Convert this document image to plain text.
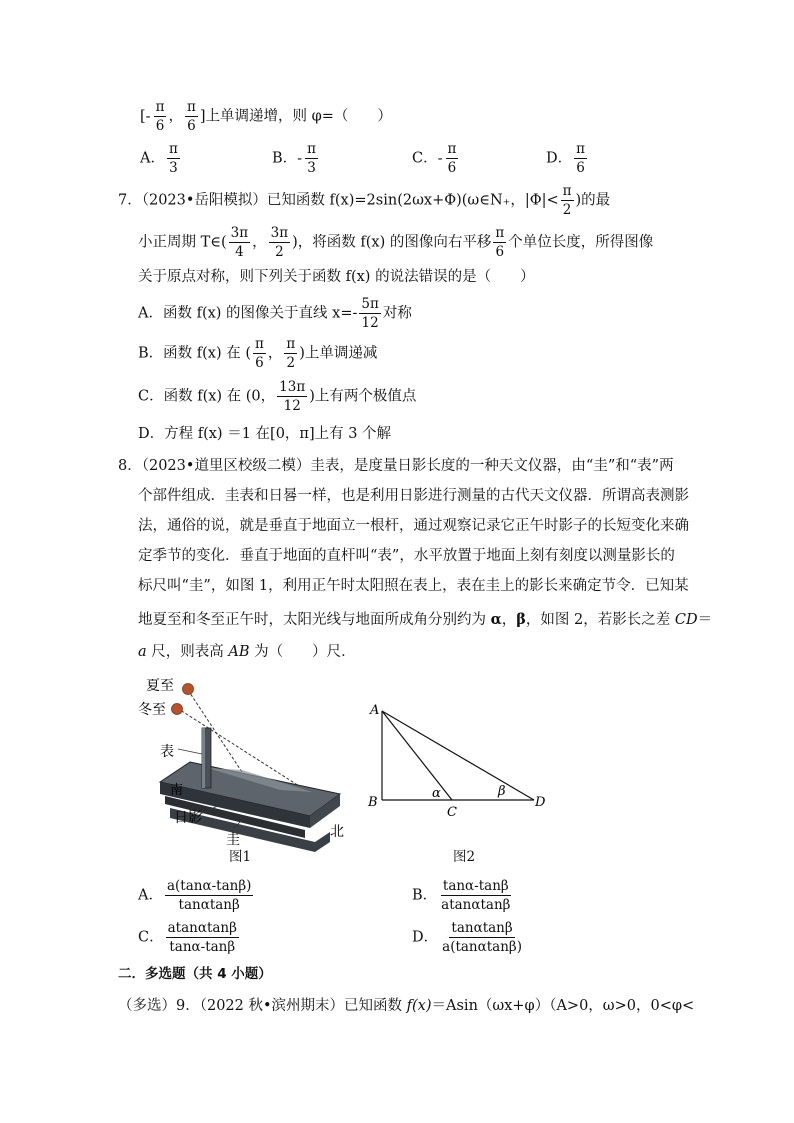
[- $\frac{\pi}{6}$ ， $\frac{\pi}{6}$ ]上单调递增，则 φ=（　　）
A． $\frac{\pi}{3}$	B．- $\frac{\pi}{3}$	C．- $\frac{\pi}{6}$	D． $\frac{\pi}{6}$
7．（2023•岳阳模拟）已知函数 f(x)=2sin(2ωx+Φ)(ω∈N₊，$|\Phi|< \frac{\pi}{2}$ )的最
小正周期 T∈( $\frac{3\pi}{4}$ ， $\frac{3\pi}{2}$ )，将函数 f(x) 的图像向右平移 $\frac{\pi}{6}$ 个单位长度，所得图像
关于原点对称，则下列关于函数 f(x) 的说法错误的是（　　）
A．函数 f(x) 的图像关于直线 $x=- \frac{5\pi}{12}$ 对称
B．函数 f(x) 在 ( $\frac{\pi}{6}$ ， $\frac{\pi}{2}$ )上单调递减
C．函数 f(x) 在 (0， $\frac{13\pi}{12}$ )上有两个极值点
D．方程 f(x) ＝1 在[0，π]上有 3 个解
8．（2023•道里区校级二模）圭表，是度量日影长度的一种天文仪器，由“圭”和“表”两
个部件组成．圭表和日晷一样，也是利用日影进行测量的古代天文仪器．所谓高表测影
法，通俗的说，就是垂直于地面立一根杆，通过观察记录它正午时影子的长短变化来确
定季节的变化．垂直于地面的直杆叫“表”，水平放置于地面上刻有刻度以测量影长的
标尺叫“圭”，如图 1，利用正午时太阳照在表上，表在圭上的影长来确定节令．已知某
地夏至和冬至正午时，太阳光线与地面所成角分别约为 α，β，如图 2，若影长之差 CD＝
a 尺，则表高 AB 为（　　）尺．
夏至
冬至
表
南
日影
圭	北
图1
A
B
C
D
α	β
图2
A． $\frac{a(\tan\alpha-\tan\beta)}{\tan\alpha\tan\beta}$	B． $\frac{\tan\alpha-\tan\beta}{atan\alpha\tan\beta}$
C． $\frac{atan\alpha\tan\beta}{\tan\alpha-\tan\beta}$	D． $\frac{\tan\alpha\tan\beta}{a(\tan\alpha\tan\beta)}$
二．多选题（共 4 小题）
（多选）9．（2022 秋•滨州期末）已知函数 f(x)＝Asin（ωx+φ）（A>0，ω>0，0<φ<
